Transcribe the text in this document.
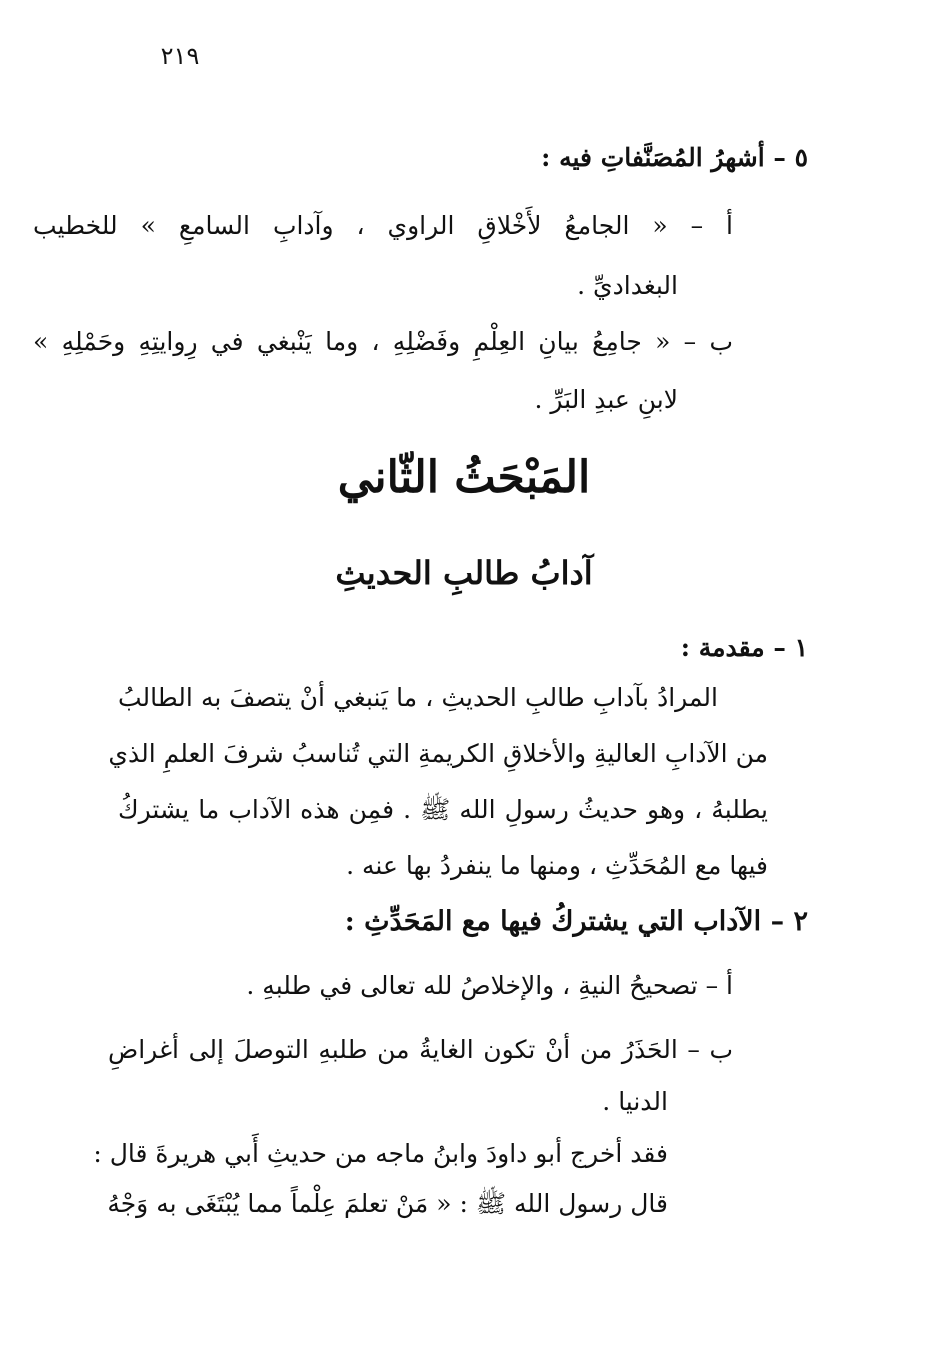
٢١٩
٥ – أشهرُ المُصَنَّفاتِ فيه :
أ – « الجامعُ لأَخْلاقِ الراوي ، وآدابِ السامعِ » للخطيب
البغداديِّ .
ب – « جامِعُ بيانِ العِلْمِ وفَضْلِهِ ، وما يَنْبغي في رِوايتِهِ وحَمْلِهِ »
لابنِ عبدِ البَرِّ .
المَبْحَثُ الثّاني
آدابُ طالبِ الحديثِ
١ – مقدمة :
المرادُ بآدابِ طالبِ الحديثِ ، ما يَنبغي أنْ يتصفَ به الطالبُ
من الآدابِ العاليةِ والأخلاقِ الكريمةِ التي تُناسبُ شرفَ العلمِ الذي
يطلبهُ ، وهو حديثُ رسولِ الله ﷺ . فمِن هذه الآداب ما يشتركُ
فيها مع المُحَدِّثِ ، ومنها ما ينفردُ بها عنه .
٢ – الآداب التي يشتركُ فيها مع المَحَدِّثِ :
أ – تصحيحُ النيةِ ، والإخلاصُ لله تعالى في طلبهِ .
ب – الحَذَرُ من أنْ تكون الغايةُ من طلبهِ التوصلَ إلى أغراضِ
الدنيا .
فقد أخرج أبو داودَ وابنُ ماجه من حديثِ أَبي هريرةَ قال :
قال رسول الله ﷺ : « مَنْ تعلمَ عِلْماً مما يُبْتَغَى به وَجْهُ
